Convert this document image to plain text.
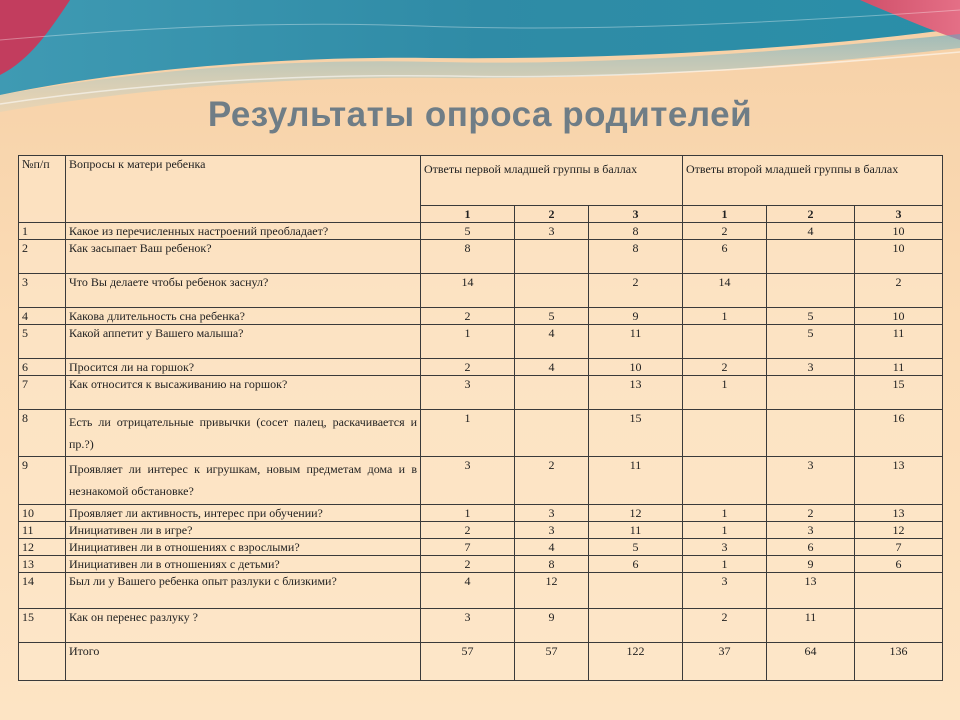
Результаты опроса родителей
№п/п	Вопросы к матери ребенка	Ответы первой младшей группы в баллах			Ответы второй младшей группы в баллах		
		1	2	3	1	2	3
1	Какое из перечисленных настроений преобладает?	5	3	8	2	4	10
2	Как засыпает Ваш ребенок?	8		8	6		10
3	Что Вы делаете чтобы ребенок заснул?	14		2	14		2
4	Какова длительность сна ребенка?	2	5	9	1	5	10
5	Какой аппетит у Вашего малыша?	1	4	11		5	11
6	Просится ли на горшок?	2	4	10	2	3	11
7	Как относится к высаживанию на горшок?	3		13	1		15
8	Есть ли отрицательные привычки (сосет палец, раскачивается и пр.?)	1		15			16
9	Проявляет ли интерес к игрушкам, новым предметам дома и в незнакомой обстановке?	3	2	11		3	13
10	Проявляет ли активность, интерес при обучении?	1	3	12	1	2	13
11	Инициативен ли в игре?	2	3	11	1	3	12
12	Инициативен ли в отношениях с взрослыми?	7	4	5	3	6	7
13	Инициативен ли в отношениях с детьми?	2	8	6	1	9	6
14	Был ли у Вашего ребенка опыт разлуки с близкими?	4	12		3	13	
15	Как он перенес разлуку ?	3	9		2	11	
	Итого	57	57	122	37	64	136
